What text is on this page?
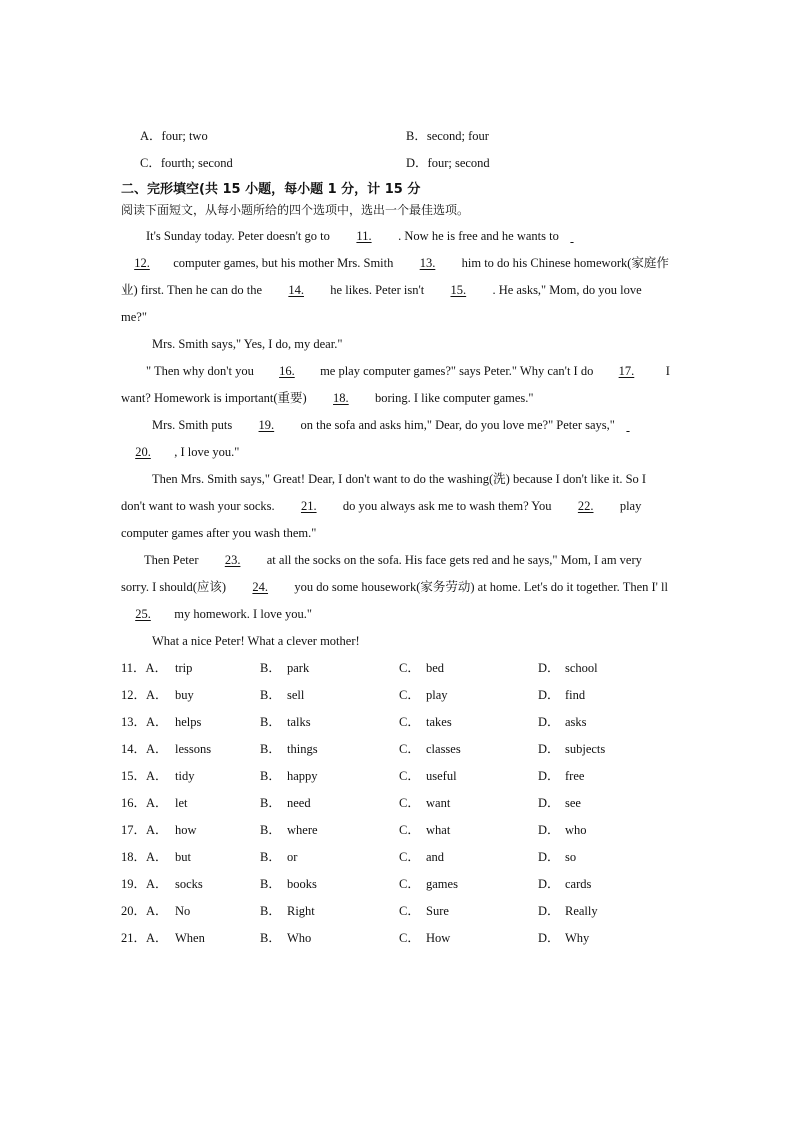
A．four; two	B．second; four
C．fourth; second	D．four; second
二、完形填空(共 15 小题，每小题 1 分，计 15 分
阅读下面短文，从每小题所给的四个选项中，选出一个最佳选项。
It's Sunday today. Peter doesn't go to 11. . Now he is free and he wants to
12. computer games, but his mother Mrs. Smith 13. him to do his Chinese homework(家庭作
业) first. Then he can do the 14. he likes. Peter isn't 15. . He asks," Mom, do you love
me?"
Mrs. Smith says," Yes, I do, my dear."
" Then why don't you 16. me play computer games?" says Peter." Why can't I do 17.	I
want? Homework is important(重要) 18. boring. I like computer games."
Mrs. Smith puts 19. on the sofa and asks him," Dear, do you love me?" Peter says,"
20. , I love you."
Then Mrs. Smith says," Great! Dear, I don't want to do the washing(洗) because I don't like it. So I
don't want to wash your socks. 21. do you always ask me to wash them? You 22. play
computer games after you wash them."
Then Peter 23. at all the socks on the sofa. His face gets red and he says," Mom, I am very
sorry. I should(应该) 24. you do some housework(家务劳动) at home. Let's do it together. Then I' ll
25. my homework. I love you."
What a nice Peter! What a clever mother!
11．A． trip	B． park	C． bed	D． school
12．A． buy	B． sell	C． play	D． find
13．A． helps	B． talks	C． takes	D． asks
14．A． lessons	B． things	C． classes	D． subjects
15．A． tidy	B． happy	C． useful	D． free
16．A． let	B． need	C． want	D． see
17．A． how	B． where	C． what	D． who
18．A． but	B． or	C． and	D． so
19．A． socks	B． books	C． games	D． cards
20．A． No	B． Right	C． Sure	D． Really
21．A． When	B． Who	C． How	D． Why
